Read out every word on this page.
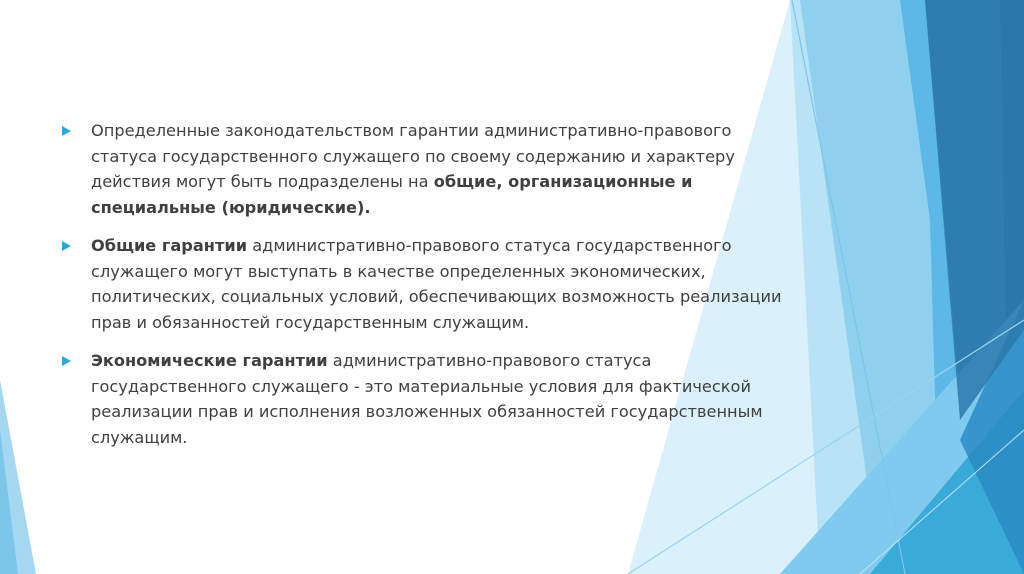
Определенные законодательством гарантии административно-правового статуса государственного служащего по своему содержанию и характеру действия могут быть подразделены на общие, организационные и специальные (юридические).
Общие гарантии административно-правового статуса государственного служащего могут выступать в качестве определенных экономических, политических, социальных условий, обеспечивающих возможность реализации прав и обязанностей государственным служащим.
Экономические гарантии административно-правового статуса государственного служащего - это материальные условия для фактической реализации прав и исполнения возложенных обязанностей государственным служащим.
